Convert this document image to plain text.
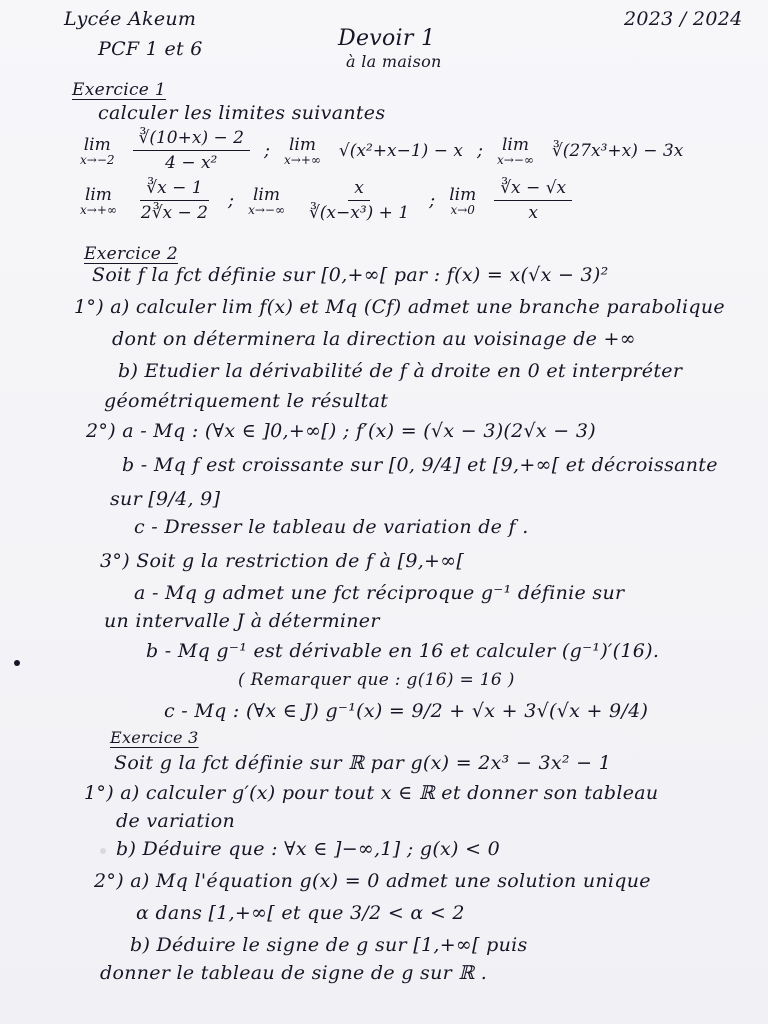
Lycée Akeum
PCF 1 et 6	Devoir 1
à la maison
2023 / 2024
Exercice 1
calculer les limites suivantes
lim
$x\to-2 \frac{∛(10+x) - 2}{\text{4 − x²}}$ ; lim
x→+∞ √(x²+x−1) − x ; lim
x→−∞ ∛(27x³+x) − 3x
lim
$x\to+\infty \frac{∛x - 1}{2∛x - 2}$ ; lim
$x\to-\infty \frac{x}{\text{∛(x−x³) + 1}}$ ; lim
$x\to 0 \frac{∛x - √x}{x}$
Exercice 2
Soit f la fct définie sur [0,+∞[ par : f(x) = x(√x − 3)²
1°) a) calculer lim f(x) et Mq (Cf) admet une branche parabolique
dont on déterminera la direction au voisinage de +∞
b) Etudier la dérivabilité de f à droite en 0 et interpréter
géométriquement le résultat
2°) a - Mq : (∀x ∈ ]0,+∞[) ; f′(x) = (√x − 3)(2√x − 3)
b - Mq f est croissante sur [0, 9/4] et [9,+∞[ et décroissante
sur [9/4, 9]
c - Dresser le tableau de variation de f .
3°) Soit g la restriction de f à [9,+∞[
a - Mq g admet une fct réciproque g⁻¹ définie sur
un intervalle J à déterminer
b - Mq g⁻¹ est dérivable en 16 et calculer (g⁻¹)′(16).
( Remarquer que : g(16) = 16 )
c - Mq : (∀x ∈ J) g⁻¹(x) = 9/2 + √x + 3√(√x + 9/4)
Exercice 3
Soit g la fct définie sur ℝ par g(x) = 2x³ − 3x² − 1
1°) a) calculer g′(x) pour tout x ∈ ℝ et donner son tableau
de variation
b) Déduire que : ∀x ∈ ]−∞,1] ; g(x) < 0
2°) a) Mq l'équation g(x) = 0 admet une solution unique
α dans [1,+∞[ et que 3/2 < α < 2
b) Déduire le signe de g sur [1,+∞[ puis
donner le tableau de signe de g sur ℝ .
